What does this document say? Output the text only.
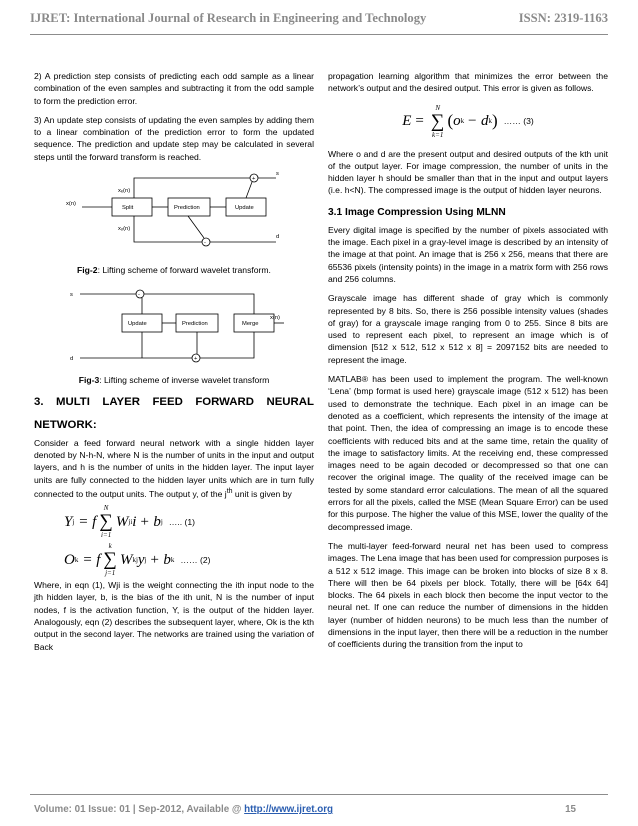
IJRET: International Journal of Research in Engineering and Technology	ISSN: 2319-1163

2) A prediction step consists of predicting each odd sample as a linear combination of the even samples and subtracting it from the odd sample to form the prediction error.

3) An update step consists of updating the even samples by adding them to a linear combination of the prediction error to form the updated sequence. The prediction and update step may be calculated in several steps until the forward transform is reached.

x(n)
xₑ(n)
xₒ(n)
Split	Prediction	Update
+
-
s
d
Fig-2: Lifting scheme of forward wavelet transform.
s
d
Update	Prediction	Merge
-
+
x(n)
Fig-3: Lifting scheme of inverse wavelet transform
3. MULTI LAYER FEED FORWARD NEURAL
NETWORK:

Consider a feed forward neural network with a single hidden layer denoted by N-h-N, where N is the number of units in the input and output layers, and h is the number of units in the hidden layer. The input layer units are fully connected to the hidden layer units which are in turn fully connected to the output units. The output y, of the $j^{th}$ unit is given by

Y j = f
N
∑
i=1
W ji i + b j ….. (1)
O k = f
k
∑
j=1
W kj y j + b k …… (2)

Where, in eqn (1), Wji is the weight connecting the ith input node to the jth hidden layer, b, is the bias of the ith unit, N is the number of input nodes, f is the activation function, Y, is the output of the hidden layer. Analogously, eqn (2) describes the subsequent layer, where, Ok is the kth output in the second layer. The networks are trained using the variation of Back

propagation learning algorithm that minimizes the error between the network’s output and the desired output. This error is given as follows.

E =
N
∑
k=1
( o k − d k ) …… (3)

Where o and d are the present output and desired outputs of the kth unit of the output layer. For image compression, the number of units in the hidden layer h should be smaller than that in the input and output layers (i.e. h<N). The compressed image is the output of hidden layer neurons.

3.1 Image Compression Using MLNN

Every digital image is specified by the number of pixels associated with the image. Each pixel in a gray-level image is described by an intensity of the image at that point. An image that is 256 x 256, means that there are 65536 pixels (intensity points) in the image in a matrix form with 256 rows and 256 columns.

Grayscale image has different shade of gray which is commonly represented by 8 bits. So, there is 256 possible intensity values (shades of gray) for a grayscale image ranging from 0 to 255. Since 8 bits are used to represent each pixel, to represent an image which is of dimension [512 x 512, 512 x 512 x 8] = 2097152 bits are needed to represent the image.

MATLAB® has been used to implement the program. The well-known ‘Lena’ (bmp format is used here) grayscale image (512 x 512) has been used to demonstrate the technique. Each pixel in an image can be denoted as a coefficient, which represents the intensity of the image at that point. Then, the idea of compressing an image is to encode these coefficients with reduced bits and at the same time, retain the quality of the image to satisfactory limits. At the receiving end, these compressed images need to be again decoded or decompressed so that one can recover the original image. The quality of the received image can be tested by some standard error calculations. The mean of all the squared errors for all the pixels, called the MSE (Mean Square Error) can be used for this purpose. The higher the value of this MSE, lower the quality of the decompressed image.

The multi-layer feed-forward neural net has been used to compress images. The Lena image that has been used for compression purposes is a 512 x 512 image. This image can be broken into blocks of size 8 x 8. There will then be 64 pixels per block. Totally, there will be [64x 64] blocks. The 64 pixels in each block then become the input vector to the neural net. If one can reduce the number of dimensions in the hidden layer (number of hidden neurons) to be much less than the number of dimensions in the input layer, then there will be a reduction in the number of coefficients during the transition from the input to

Volume: 01 Issue: 01 | Sep-2012, Available @ http://www.ijret.org	15
